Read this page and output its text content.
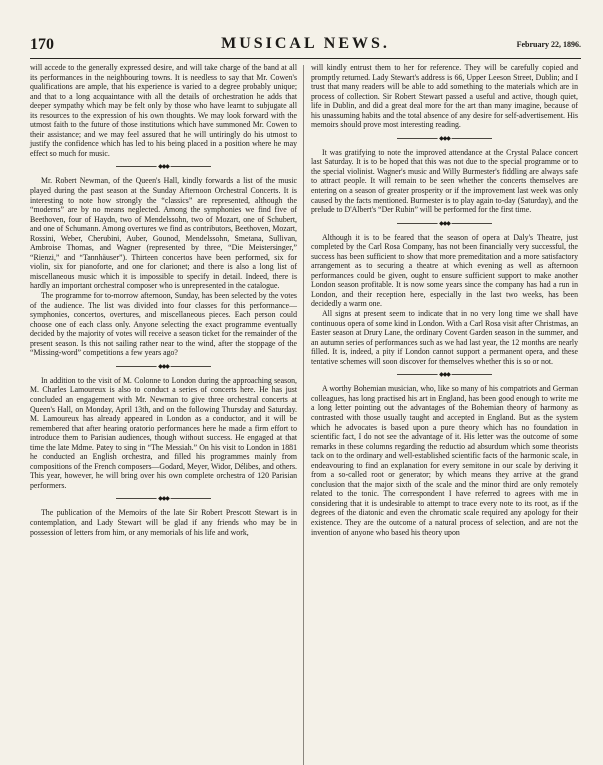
170	MUSICAL NEWS.	February 22, 1896.

will accede to the generally expressed desire, and will take charge of the band at all its performances in the neighbouring towns. It is needless to say that Mr. Cowen's qualifications are ample, that his experience is varied to a degree probably unique; and that to a long acquaintance with all the details of orchestration he adds that deeper sympathy which may be felt only by those who have learnt to subjugate all its resources to the expression of his own thoughts. We may look forward with the utmost faith to the future of those institutions which have summoned Mr. Cowen to their assistance; and we may feel assured that he will untiringly do his utmost to justify the confidence which has led to his being placed in a position where he may effect so much for music.

◆◆◆

Mr. Robert Newman, of the Queen's Hall, kindly forwards a list of the music played during the past season at the Sunday Afternoon Orchestral Concerts. It is interesting to note how strongly the “classics” are represented, although the “moderns” are by no means neglected. Among the symphonies we find five of Beethoven, four of Haydn, two of Mendelssohn, two of Mozart, one of Schubert, and one of Schumann. Among overtures we find as contributors, Beethoven, Mozart, Rossini, Weber, Cherubini, Auber, Gounod, Mendelssohn, Smetana, Sullivan, Ambroise Thomas, and Wagner (represented by three, “Die Meistersinger,” “Rienzi,” and “Tannhäuser”). Thirteen concertos have been performed, six for violin, six for pianoforte, and one for clarionet; and there is also a long list of miscellaneous music which it is impossible to specify in detail. Indeed, there is hardly an important orchestral composer who is unrepresented in the catalogue.

The programme for to-morrow afternoon, Sunday, has been selected by the votes of the audience. The list was divided into four classes for this performance—symphonies, concertos, overtures, and miscellaneous pieces. Each person could choose one of each class only. Anyone selecting the exact programme eventually decided by the majority of votes will receive a season ticket for the remainder of the present season. Is this not sailing rather near to the wind, after the stoppage of the “Missing-word” competitions a few years ago?

◆◆◆

In addition to the visit of M. Colonne to London during the approaching season, M. Charles Lamoureux is also to conduct a series of concerts here. He has just concluded an engagement with Mr. Newman to give three orchestral concerts at Queen's Hall, on Monday, April 13th, and on the following Thursday and Saturday. M. Lamoureux has already appeared in London as a conductor, and it will be remembered that after hearing oratorio performances here he made a firm effort to introduce them to Parisian audiences, though without success. He engaged at that time the late Mdme. Patey to sing in “The Messiah.” On his visit to London in 1881 he conducted an English orchestra, and filled his programmes mainly from compositions of the French composers—Godard, Meyer, Widor, Délibes, and others. This year, however, he will bring over his own complete orchestra of 120 Parisian performers.

◆◆◆

The publication of the Memoirs of the late Sir Robert Prescott Stewart is in contemplation, and Lady Stewart will be glad if any friends who may be in possession of letters from him, or any memorials of his life and work,

will kindly entrust them to her for reference. They will be carefully copied and promptly returned. Lady Stewart's address is 66, Upper Leeson Street, Dublin; and I trust that many readers will be able to add something to the materials which are in process of collection. Sir Robert Stewart passed a useful and active, though quiet, life in Dublin, and did a great deal more for the art than many imagine, because of his unassuming habits and the total absence of any desire for self-advertisement. His memoirs should prove most interesting reading.

◆◆◆

It was gratifying to note the improved attendance at the Crystal Palace concert last Saturday. It is to be hoped that this was not due to the special programme or to the special violinist. Wagner's music and Willy Burmester's fiddling are always safe to attract people. It will remain to be seen whether the concerts themselves are entering on a season of greater prosperity or if the improvement last week was only caused by the facts mentioned. Burmester is to play again to-day (Saturday), and the prelude to D'Albert's “Der Rubin” will be performed for the first time.

◆◆◆

Although it is to be feared that the season of opera at Daly's Theatre, just completed by the Carl Rosa Company, has not been financially very successful, the success has been sufficient to show that more premeditation and a more satisfactory arrangement as to securing a theatre at which evening as well as afternoon performances could be given, ought to ensure sufficient support to make another London season profitable. It is now some years since the company has had a run in London, and their reception here, especially in the last two weeks, has been decidedly a warm one.

All signs at present seem to indicate that in no very long time we shall have continuous opera of some kind in London. With a Carl Rosa visit after Christmas, an Easter season at Drury Lane, the ordinary Covent Garden season in the summer, and an autumn series of performances such as we had last year, the 12 months are nearly filled. It is, indeed, a pity if London cannot support a permanent opera, and these tentative schemes will soon discover for themselves whether this is so or not.

◆◆◆

A worthy Bohemian musician, who, like so many of his compatriots and German colleagues, has long practised his art in England, has been good enough to write me a long letter pointing out the advantages of the Bohemian theory of harmony as contrasted with those usually taught and accepted in England. But as the system which he advocates is based upon a pure theory which has no foundation in scientific fact, I do not see the advantage of it. His letter was the outcome of some remarks in these columns regarding the reductio ad absurdum which some theorists tack on to the ordinary and well-established scientific facts of the harmonic scale, in endeavouring to find an explanation for every semitone in our scale by deriving it from a so-called root or generator; by which means they arrive at the grand conclusion that the major sixth of the scale and the minor third are only remotely related to the tonic. The correspondent I have referred to agrees with me in considering that it is undesirable to attempt to trace every note to its root, as if the degrees of the diatonic and even the chromatic scale required any apology for their existence. They are the outcome of a natural process of selection, and are not the invention of anyone who based his theory upon
